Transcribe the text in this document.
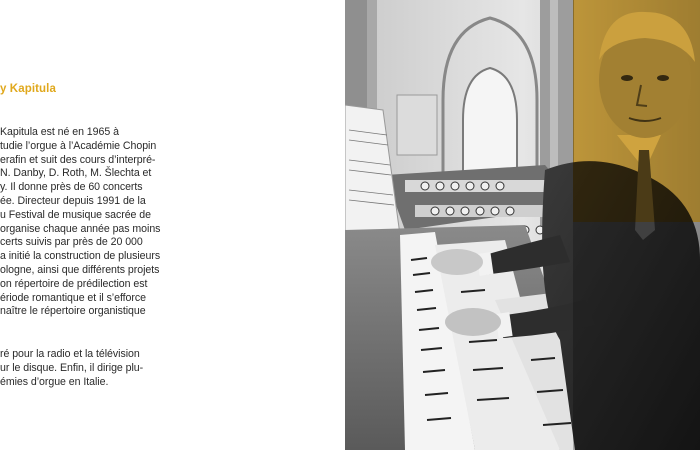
y Kapitula
Kapitula est né en 1965 à
tudie l’orgue à l’Académie Chopin
erafin et suit des cours d’interpré-
N. Danby, D. Roth, M. Šlechta et
y. Il donne près de 60 concerts
ée. Directeur depuis 1991 de la
u Festival de musique sacrée de
organise chaque année pas moins
certs suivis par près de 20 000
a initié la construction de plusieurs
ologne, ainsi que différents projets
on répertoire de prédilection est
ériode romantique et il s’efforce
naître le répertoire organistique
ré pour la radio et la télévision
ur le disque. Enfin, il dirige plu-
émies d’orgue en Italie.
